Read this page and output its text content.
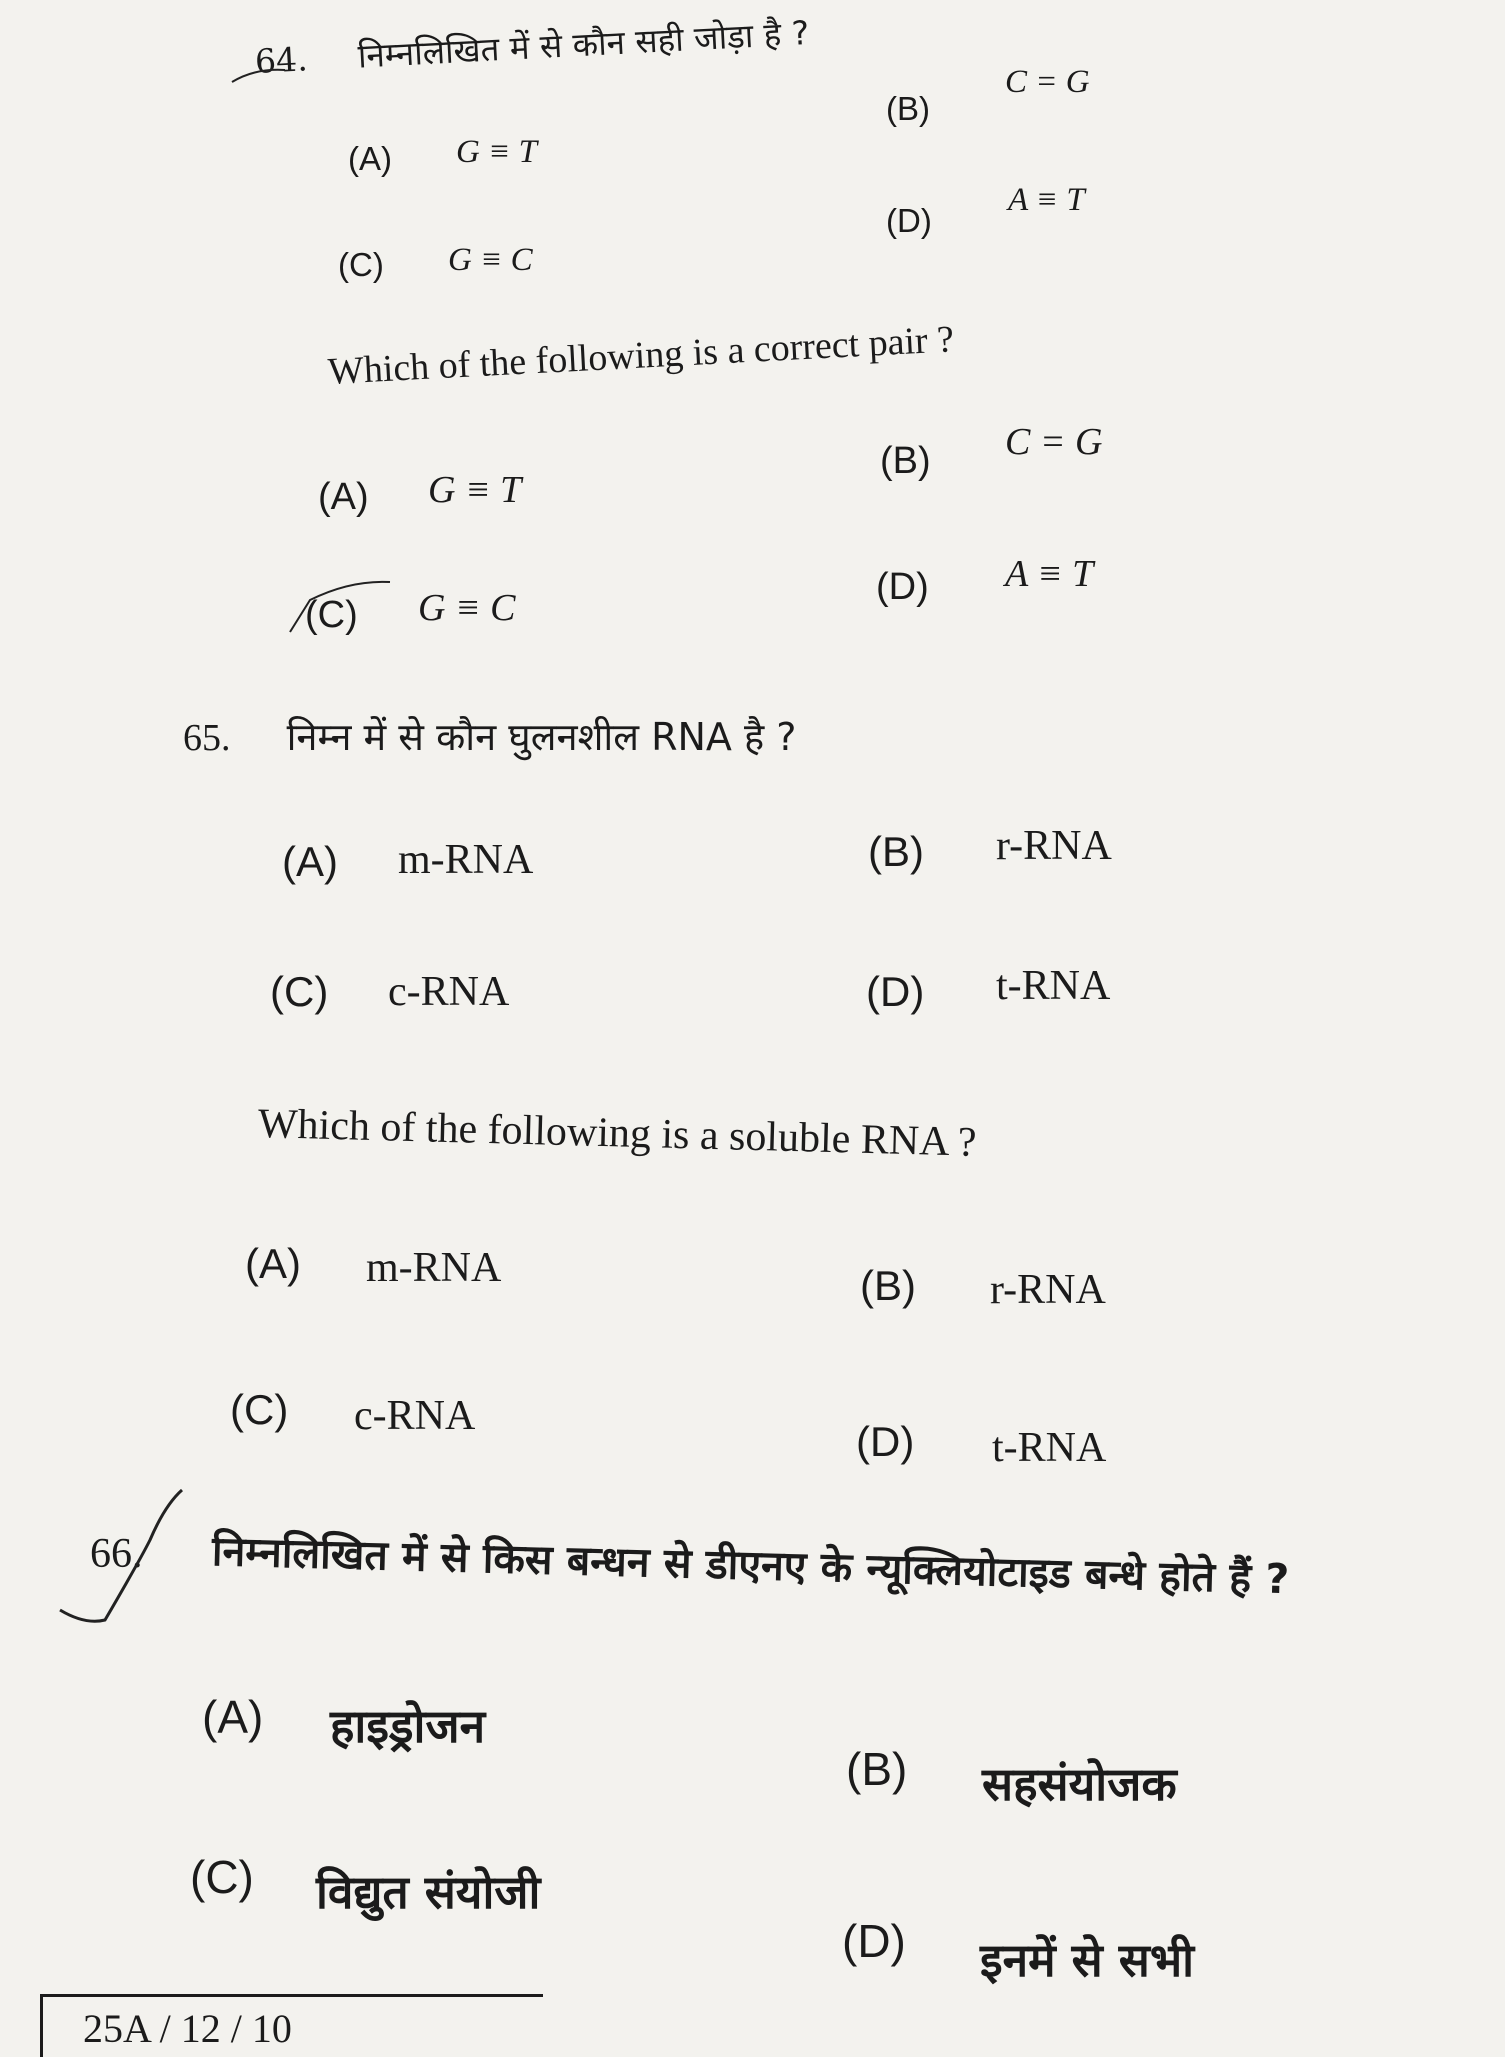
64. निम्नलिखित में से कौन सही जोड़ा है ?
(A) G ≡ T
(B)
C = G
(C) G ≡ C
(D)
A ≡ T
Which of the following is a correct pair ?
(A) G ≡ T
(B) C = G
(C) G ≡ C	(D) A ≡ T
65. निम्न में से कौन घुलनशील RNA है ?
(A) m-RNA	(B) r-RNA
(C) c-RNA	(D) t-RNA
Which of the following is a soluble RNA ?
(A) m-RNA	(B) r-RNA
(C) c-RNA
(D) t-RNA
66. निम्नलिखित में से किस बन्धन से डीएनए के न्यूक्लियोटाइड बन्धे होते हैं ?
(A) हाइड्रोजन
(B) सहसंयोजक
(C) विद्युत संयोजी
(D) इनमें से सभी
25A / 12 / 10
